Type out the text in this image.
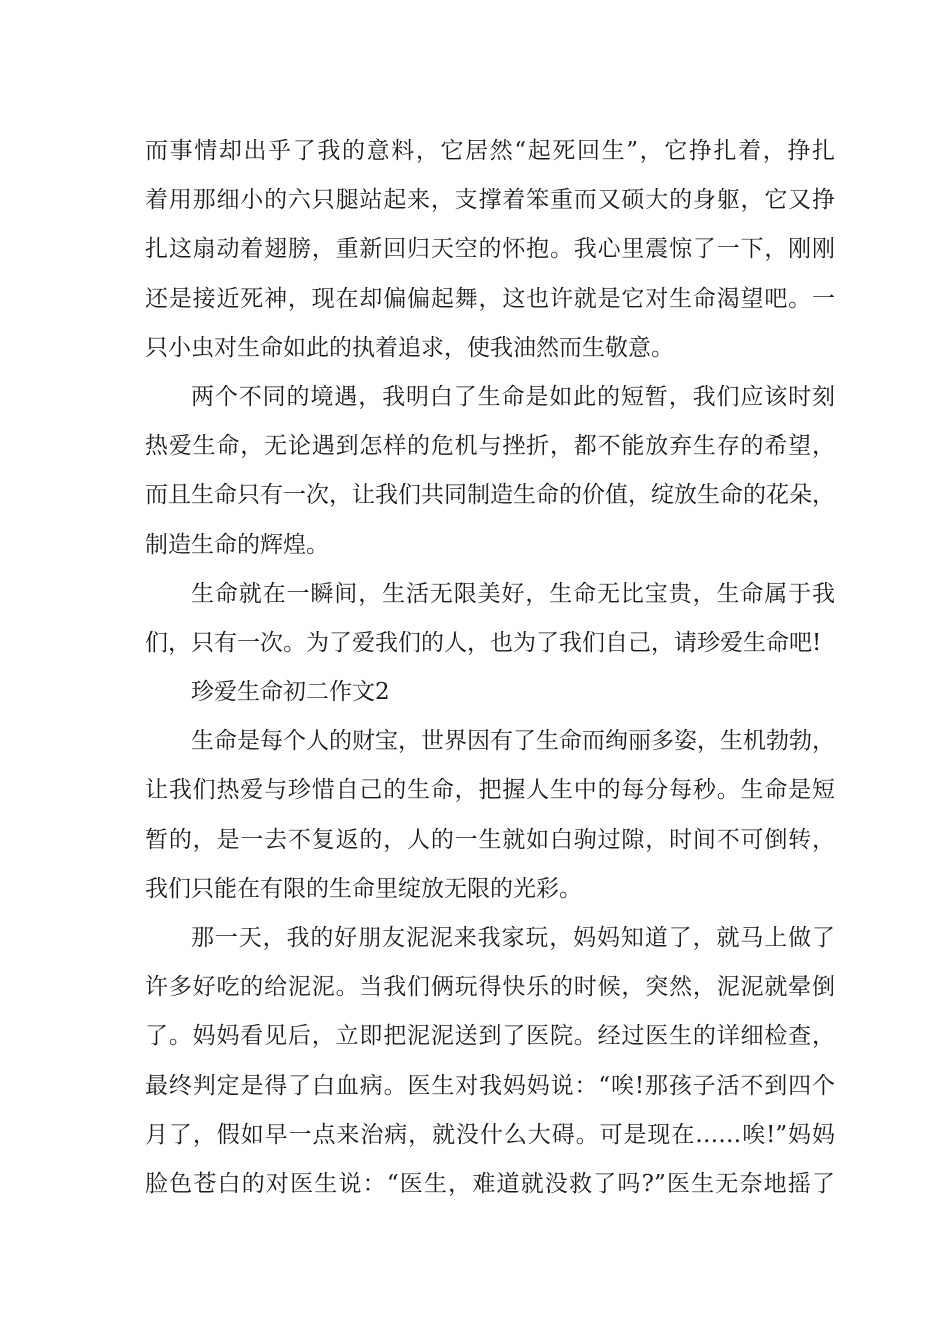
而事情却出乎了我的意料，它居然“起死回生”，它挣扎着，挣扎
着用那细小的六只腿站起来，支撑着笨重而又硕大的身躯，它又挣
扎这扇动着翅膀，重新回归天空的怀抱。我心里震惊了一下，刚刚
还是接近死神，现在却偏偏起舞，这也许就是它对生命渴望吧。一
只小虫对生命如此的执着追求，使我油然而生敬意。
两个不同的境遇，我明白了生命是如此的短暂，我们应该时刻
热爱生命，无论遇到怎样的危机与挫折，都不能放弃生存的希望，
而且生命只有一次，让我们共同制造生命的价值，绽放生命的花朵，
制造生命的辉煌。
生命就在一瞬间，生活无限美好，生命无比宝贵，生命属于我
们，只有一次。为了爱我们的人，也为了我们自己，请珍爱生命吧!
珍爱生命初二作文2
生命是每个人的财宝，世界因有了生命而绚丽多姿，生机勃勃，
让我们热爱与珍惜自己的生命，把握人生中的每分每秒。生命是短
暂的，是一去不复返的，人的一生就如白驹过隙，时间不可倒转，
我们只能在有限的生命里绽放无限的光彩。
那一天，我的好朋友泥泥来我家玩，妈妈知道了，就马上做了
许多好吃的给泥泥。当我们俩玩得快乐的时候，突然，泥泥就晕倒
了。妈妈看见后，立即把泥泥送到了医院。经过医生的详细检查，
最终判定是得了白血病。医生对我妈妈说：“唉!那孩子活不到四个
月了，假如早一点来治病，就没什么大碍。可是现在……唉!”妈妈
脸色苍白的对医生说：“医生，难道就没救了吗?”医生无奈地摇了
